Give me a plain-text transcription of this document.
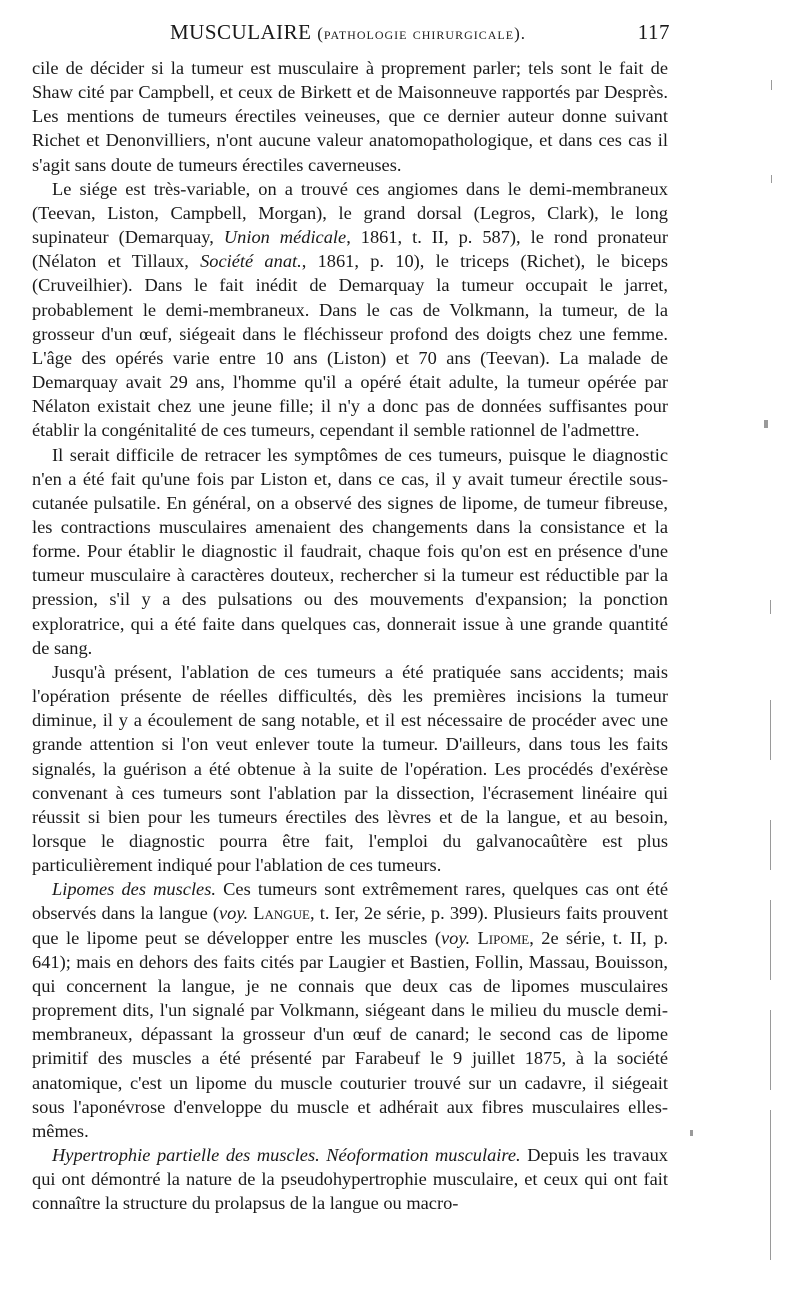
MUSCULAIRE (pathologie chirurgicale).	117

cile de décider si la tumeur est musculaire à proprement parler; tels sont le fait de Shaw cité par Campbell, et ceux de Birkett et de Maisonneuve rapportés par Desprès. Les mentions de tumeurs érectiles veineuses, que ce dernier auteur donne suivant Richet et Denonvilliers, n'ont aucune valeur anatomopathologique, et dans ces cas il s'agit sans doute de tumeurs érectiles caverneuses.

Le siége est très-variable, on a trouvé ces angiomes dans le demi-membraneux (Teevan, Liston, Campbell, Morgan), le grand dorsal (Legros, Clark), le long supinateur (Demarquay, Union médicale, 1861, t. II, p. 587), le rond pronateur (Nélaton et Tillaux, Société anat., 1861, p. 10), le triceps (Richet), le biceps (Cruveilhier). Dans le fait inédit de Demarquay la tumeur occupait le jarret, probablement le demi-membraneux. Dans le cas de Volkmann, la tumeur, de la grosseur d'un œuf, siégeait dans le fléchisseur profond des doigts chez une femme. L'âge des opérés varie entre 10 ans (Liston) et 70 ans (Teevan). La malade de Demarquay avait 29 ans, l'homme qu'il a opéré était adulte, la tumeur opérée par Nélaton existait chez une jeune fille; il n'y a donc pas de données suffisantes pour établir la congénitalité de ces tumeurs, cependant il semble rationnel de l'admettre.

Il serait difficile de retracer les symptômes de ces tumeurs, puisque le diagnostic n'en a été fait qu'une fois par Liston et, dans ce cas, il y avait tumeur érectile sous-cutanée pulsatile. En général, on a observé des signes de lipome, de tumeur fibreuse, les contractions musculaires amenaient des changements dans la consistance et la forme. Pour établir le diagnostic il faudrait, chaque fois qu'on est en présence d'une tumeur musculaire à caractères douteux, rechercher si la tumeur est réductible par la pression, s'il y a des pulsations ou des mouvements d'expansion; la ponction exploratrice, qui a été faite dans quelques cas, donnerait issue à une grande quantité de sang.

Jusqu'à présent, l'ablation de ces tumeurs a été pratiquée sans accidents; mais l'opération présente de réelles difficultés, dès les premières incisions la tumeur diminue, il y a écoulement de sang notable, et il est nécessaire de procéder avec une grande attention si l'on veut enlever toute la tumeur. D'ailleurs, dans tous les faits signalés, la guérison a été obtenue à la suite de l'opération. Les procédés d'exérèse convenant à ces tumeurs sont l'ablation par la dissection, l'écrasement linéaire qui réussit si bien pour les tumeurs érectiles des lèvres et de la langue, et au besoin, lorsque le diagnostic pourra être fait, l'emploi du galvanocaûtère est plus particulièrement indiqué pour l'ablation de ces tumeurs.

Lipomes des muscles. Ces tumeurs sont extrêmement rares, quelques cas ont été observés dans la langue (voy. Langue, t. Ier, 2e série, p. 399). Plusieurs faits prouvent que le lipome peut se développer entre les muscles (voy. Lipome, 2e série, t. II, p. 641); mais en dehors des faits cités par Laugier et Bastien, Follin, Massau, Bouisson, qui concernent la langue, je ne connais que deux cas de lipomes musculaires proprement dits, l'un signalé par Volkmann, siégeant dans le milieu du muscle demi-membraneux, dépassant la grosseur d'un œuf de canard; le second cas de lipome primitif des muscles a été présenté par Farabeuf le 9 juillet 1875, à la société anatomique, c'est un lipome du muscle couturier trouvé sur un cadavre, il siégeait sous l'aponévrose d'enveloppe du muscle et adhérait aux fibres musculaires elles-mêmes.

Hypertrophie partielle des muscles. Néoformation musculaire. Depuis les travaux qui ont démontré la nature de la pseudohypertrophie musculaire, et ceux qui ont fait connaître la structure du prolapsus de la langue ou macro-
